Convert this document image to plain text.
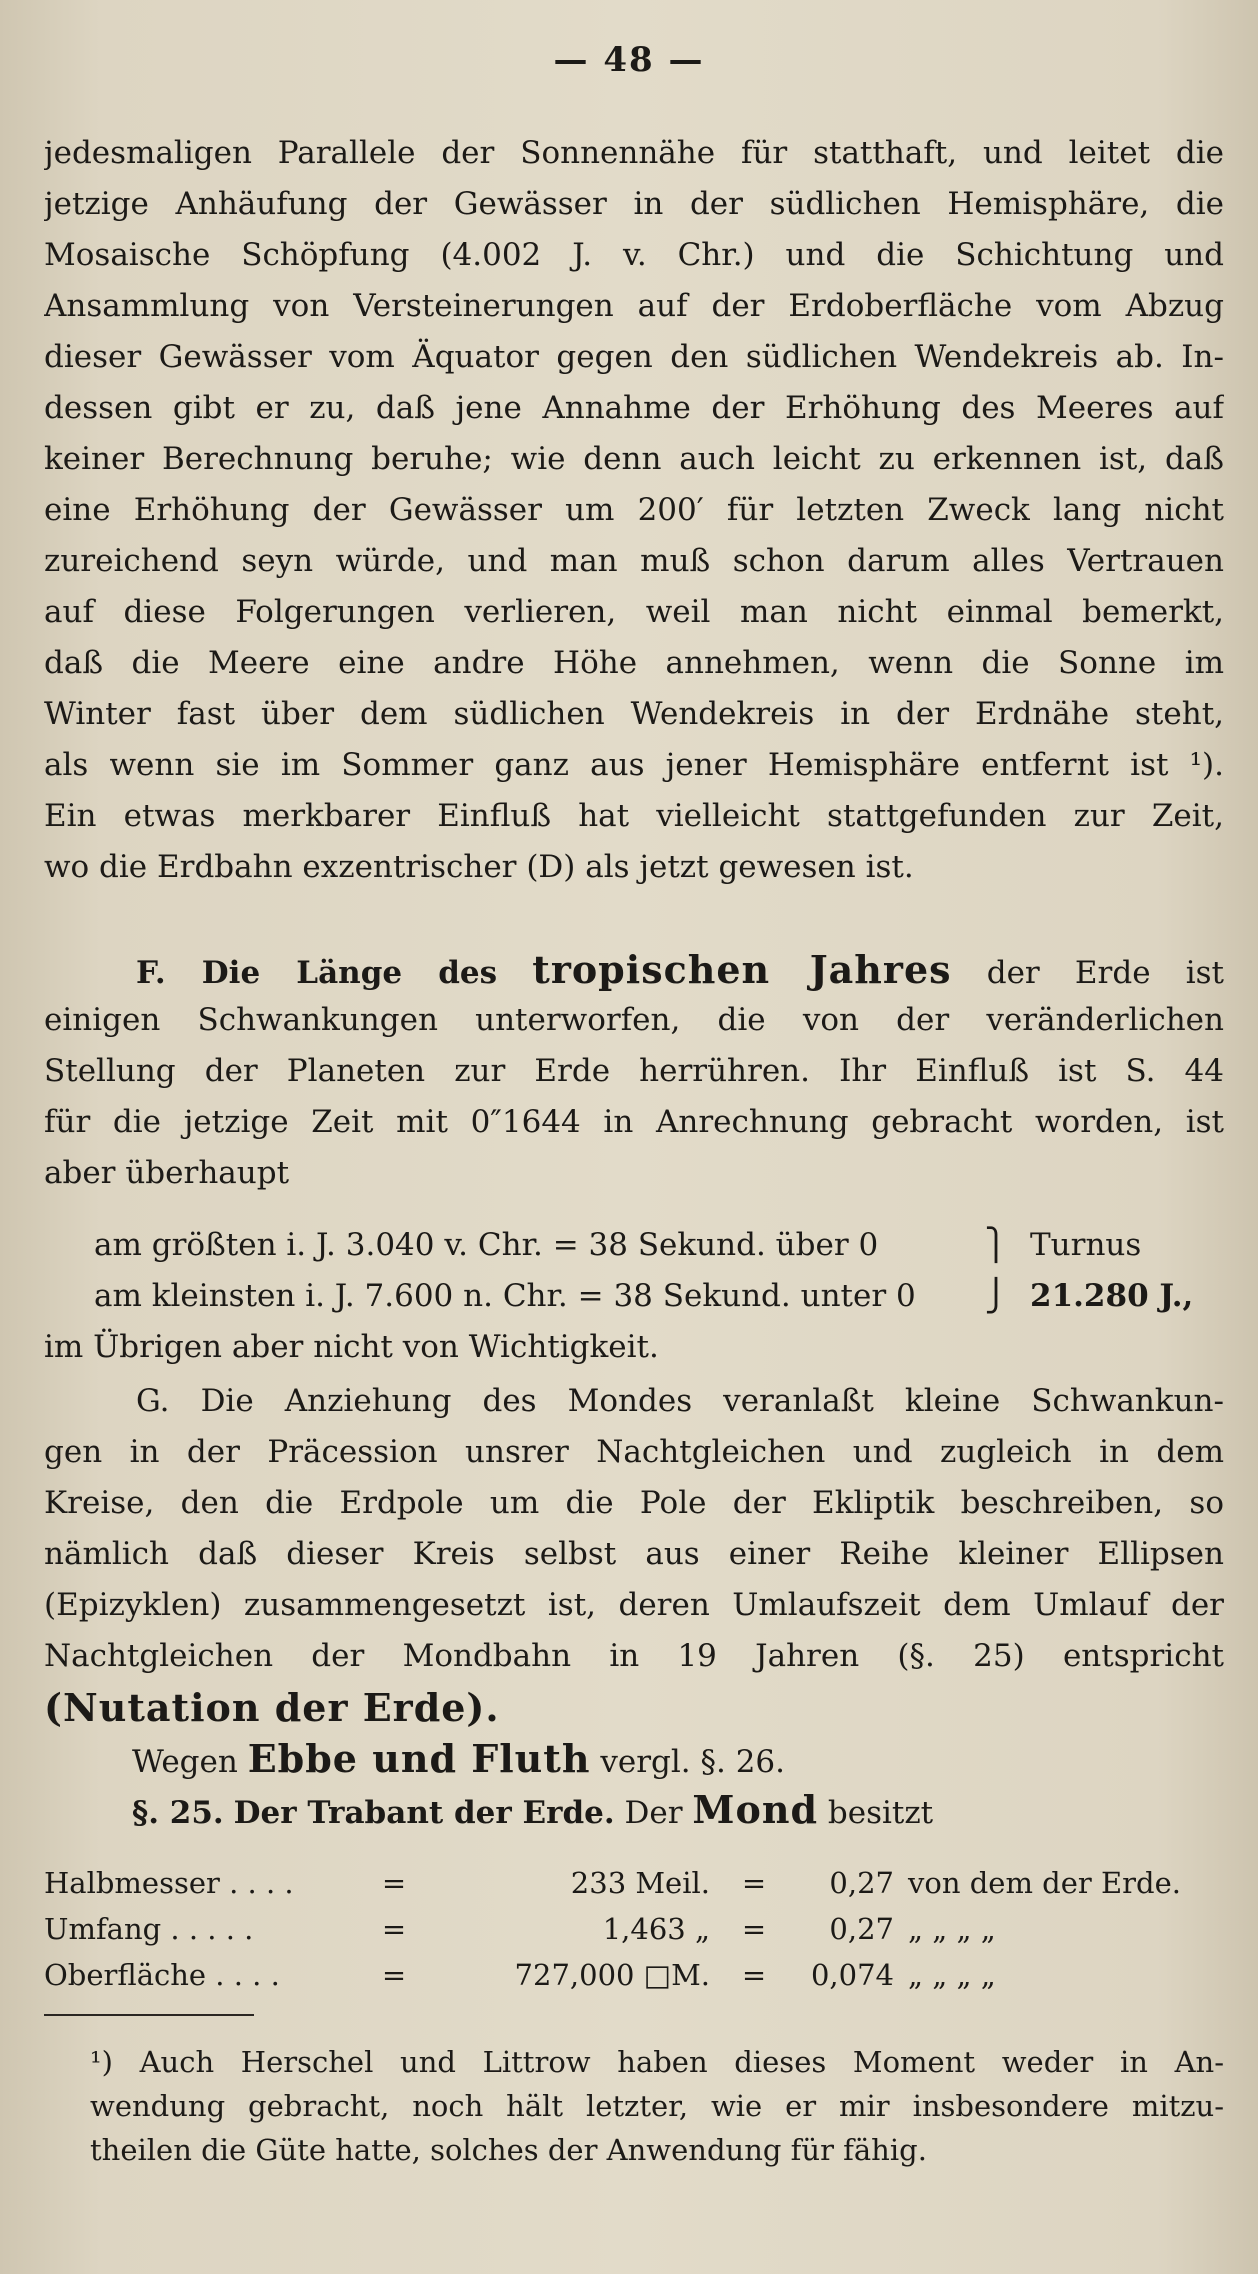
— 48 —
jedesmaligen Parallele der Sonnennähe für statthaft, und leitet die
jetzige Anhäufung der Gewässer in der südlichen Hemisphäre, die
Mosaische Schöpfung (4.002 J. v. Chr.) und die Schichtung und
Ansammlung von Versteinerungen auf der Erdoberfläche vom Abzug
dieser Gewässer vom Äquator gegen den südlichen Wendekreis ab. In-
dessen gibt er zu, daß jene Annahme der Erhöhung des Meeres auf
keiner Berechnung beruhe; wie denn auch leicht zu erkennen ist, daß
eine Erhöhung der Gewässer um 200′ für letzten Zweck lang nicht
zureichend seyn würde, und man muß schon darum alles Vertrauen
auf diese Folgerungen verlieren, weil man nicht einmal bemerkt,
daß die Meere eine andre Höhe annehmen, wenn die Sonne im
Winter fast über dem südlichen Wendekreis in der Erdnähe steht,
als wenn sie im Sommer ganz aus jener Hemisphäre entfernt ist ¹).
Ein etwas merkbarer Einfluß hat vielleicht stattgefunden zur Zeit,
wo die Erdbahn exzentrischer (D) als jetzt gewesen ist.
F. Die Länge des tropischen Jahres der Erde ist
einigen Schwankungen unterworfen, die von der veränderlichen
Stellung der Planeten zur Erde herrühren. Ihr Einfluß ist S. 44
für die jetzige Zeit mit 0″1644 in Anrechnung gebracht worden, ist
aber überhaupt
am größten i. J. 3.040 v. Chr. = 38 Sekund. über 0	⎫ Turnus
am kleinsten i. J. 7.600 n. Chr. = 38 Sekund. unter 0	⎭ 21.280 J.,
im Übrigen aber nicht von Wichtigkeit.
G. Die Anziehung des Mondes veranlaßt kleine Schwankun-
gen in der Präcession unsrer Nachtgleichen und zugleich in dem
Kreise, den die Erdpole um die Pole der Ekliptik beschreiben, so
nämlich daß dieser Kreis selbst aus einer Reihe kleiner Ellipsen
(Epizyklen) zusammengesetzt ist, deren Umlaufszeit dem Umlauf der
Nachtgleichen der Mondbahn in 19 Jahren (§. 25) entspricht
(Nutation der Erde).
Wegen Ebbe und Fluth vergl. §. 26.
§. 25. Der Trabant der Erde. Der Mond besitzt
Halbmesser . . . .	=	233 Meil.	=	0,27 von dem der Erde.
Umfang . . . . .	=	1,463 „	=	0,27 „ „ „ „
Oberfläche . . . .	=	727,000 □M.	=	0,074 „ „ „ „
¹) Auch Herschel und Littrow haben dieses Moment weder in An-
wendung gebracht, noch hält letzter, wie er mir insbesondere mitzu-
theilen die Güte hatte, solches der Anwendung für fähig.
